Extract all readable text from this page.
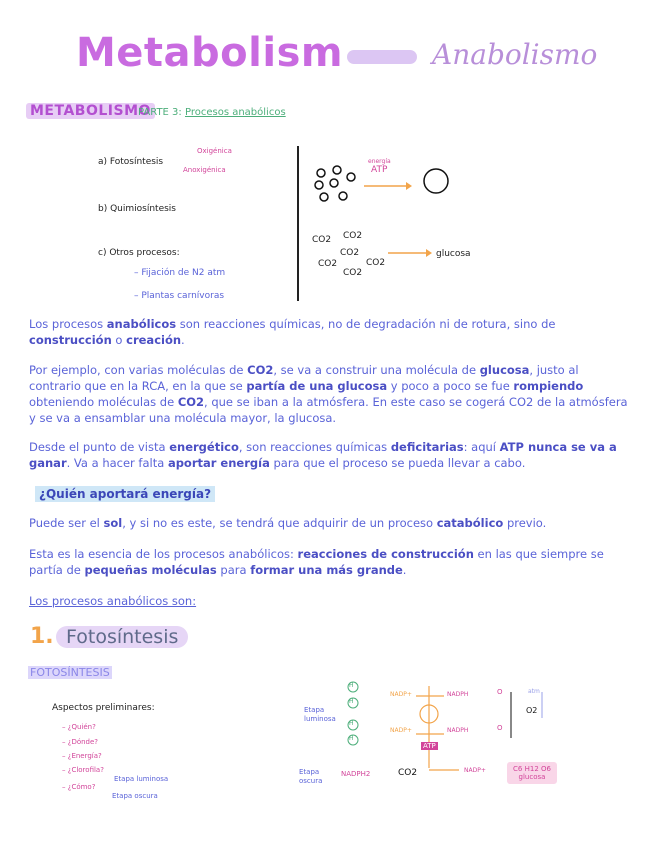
Metabolism	Anabolismo
METABOLISMO
PARTE 3: Procesos anabólicos
a) Fotosíntesis
Oxigénica
Anoxigénica
b) Quimiosíntesis
c) Otros procesos:
– Fijación de N2 atm
– Plantas carnívoras
energía
ATP
CO2 CO2
CO2
CO2	CO2
CO2
glucosa
Los procesos anabólicos son reacciones químicas, no de degradación ni de rotura, sino de construcción o creación.
Por ejemplo, con varias moléculas de CO2, se va a construir una molécula de glucosa, justo al contrario que en la RCA, en la que se partía de una glucosa y poco a poco se fue rompiendo obteniendo moléculas de CO2, que se iban a la atmósfera. En este caso se cogerá CO2 de la atmósfera y se va a ensamblar una molécula mayor, la glucosa.
Desde el punto de vista energético, son reacciones químicas deficitarias: aquí ATP nunca se va a ganar. Va a hacer falta aportar energía para que el proceso se pueda llevar a cabo.
¿Quién aportará energía?
Puede ser el sol, y si no es este, se tendrá que adquirir de un proceso catabólico previo.
Esta es la esencia de los procesos anabólicos: reacciones de construcción en las que siempre se partía de pequeñas moléculas para formar una más grande.
Los procesos anabólicos son:
1. Fotosíntesis
FOTOSÍNTESIS
Aspectos preliminares:
– ¿Quién?
– ¿Dónde?
– ¿Energía?
– ¿Clorofila?
– ¿Cómo?
Etapa luminosa
Etapa oscura
Etapa luminosa
Etapa oscura
H
H
H
H
NADP+
NADP+
NADPH
NADPH
O
O
O2
atm
ATP
NADPH2	CO2	NADP+	C6 H12 O6
glucosa
